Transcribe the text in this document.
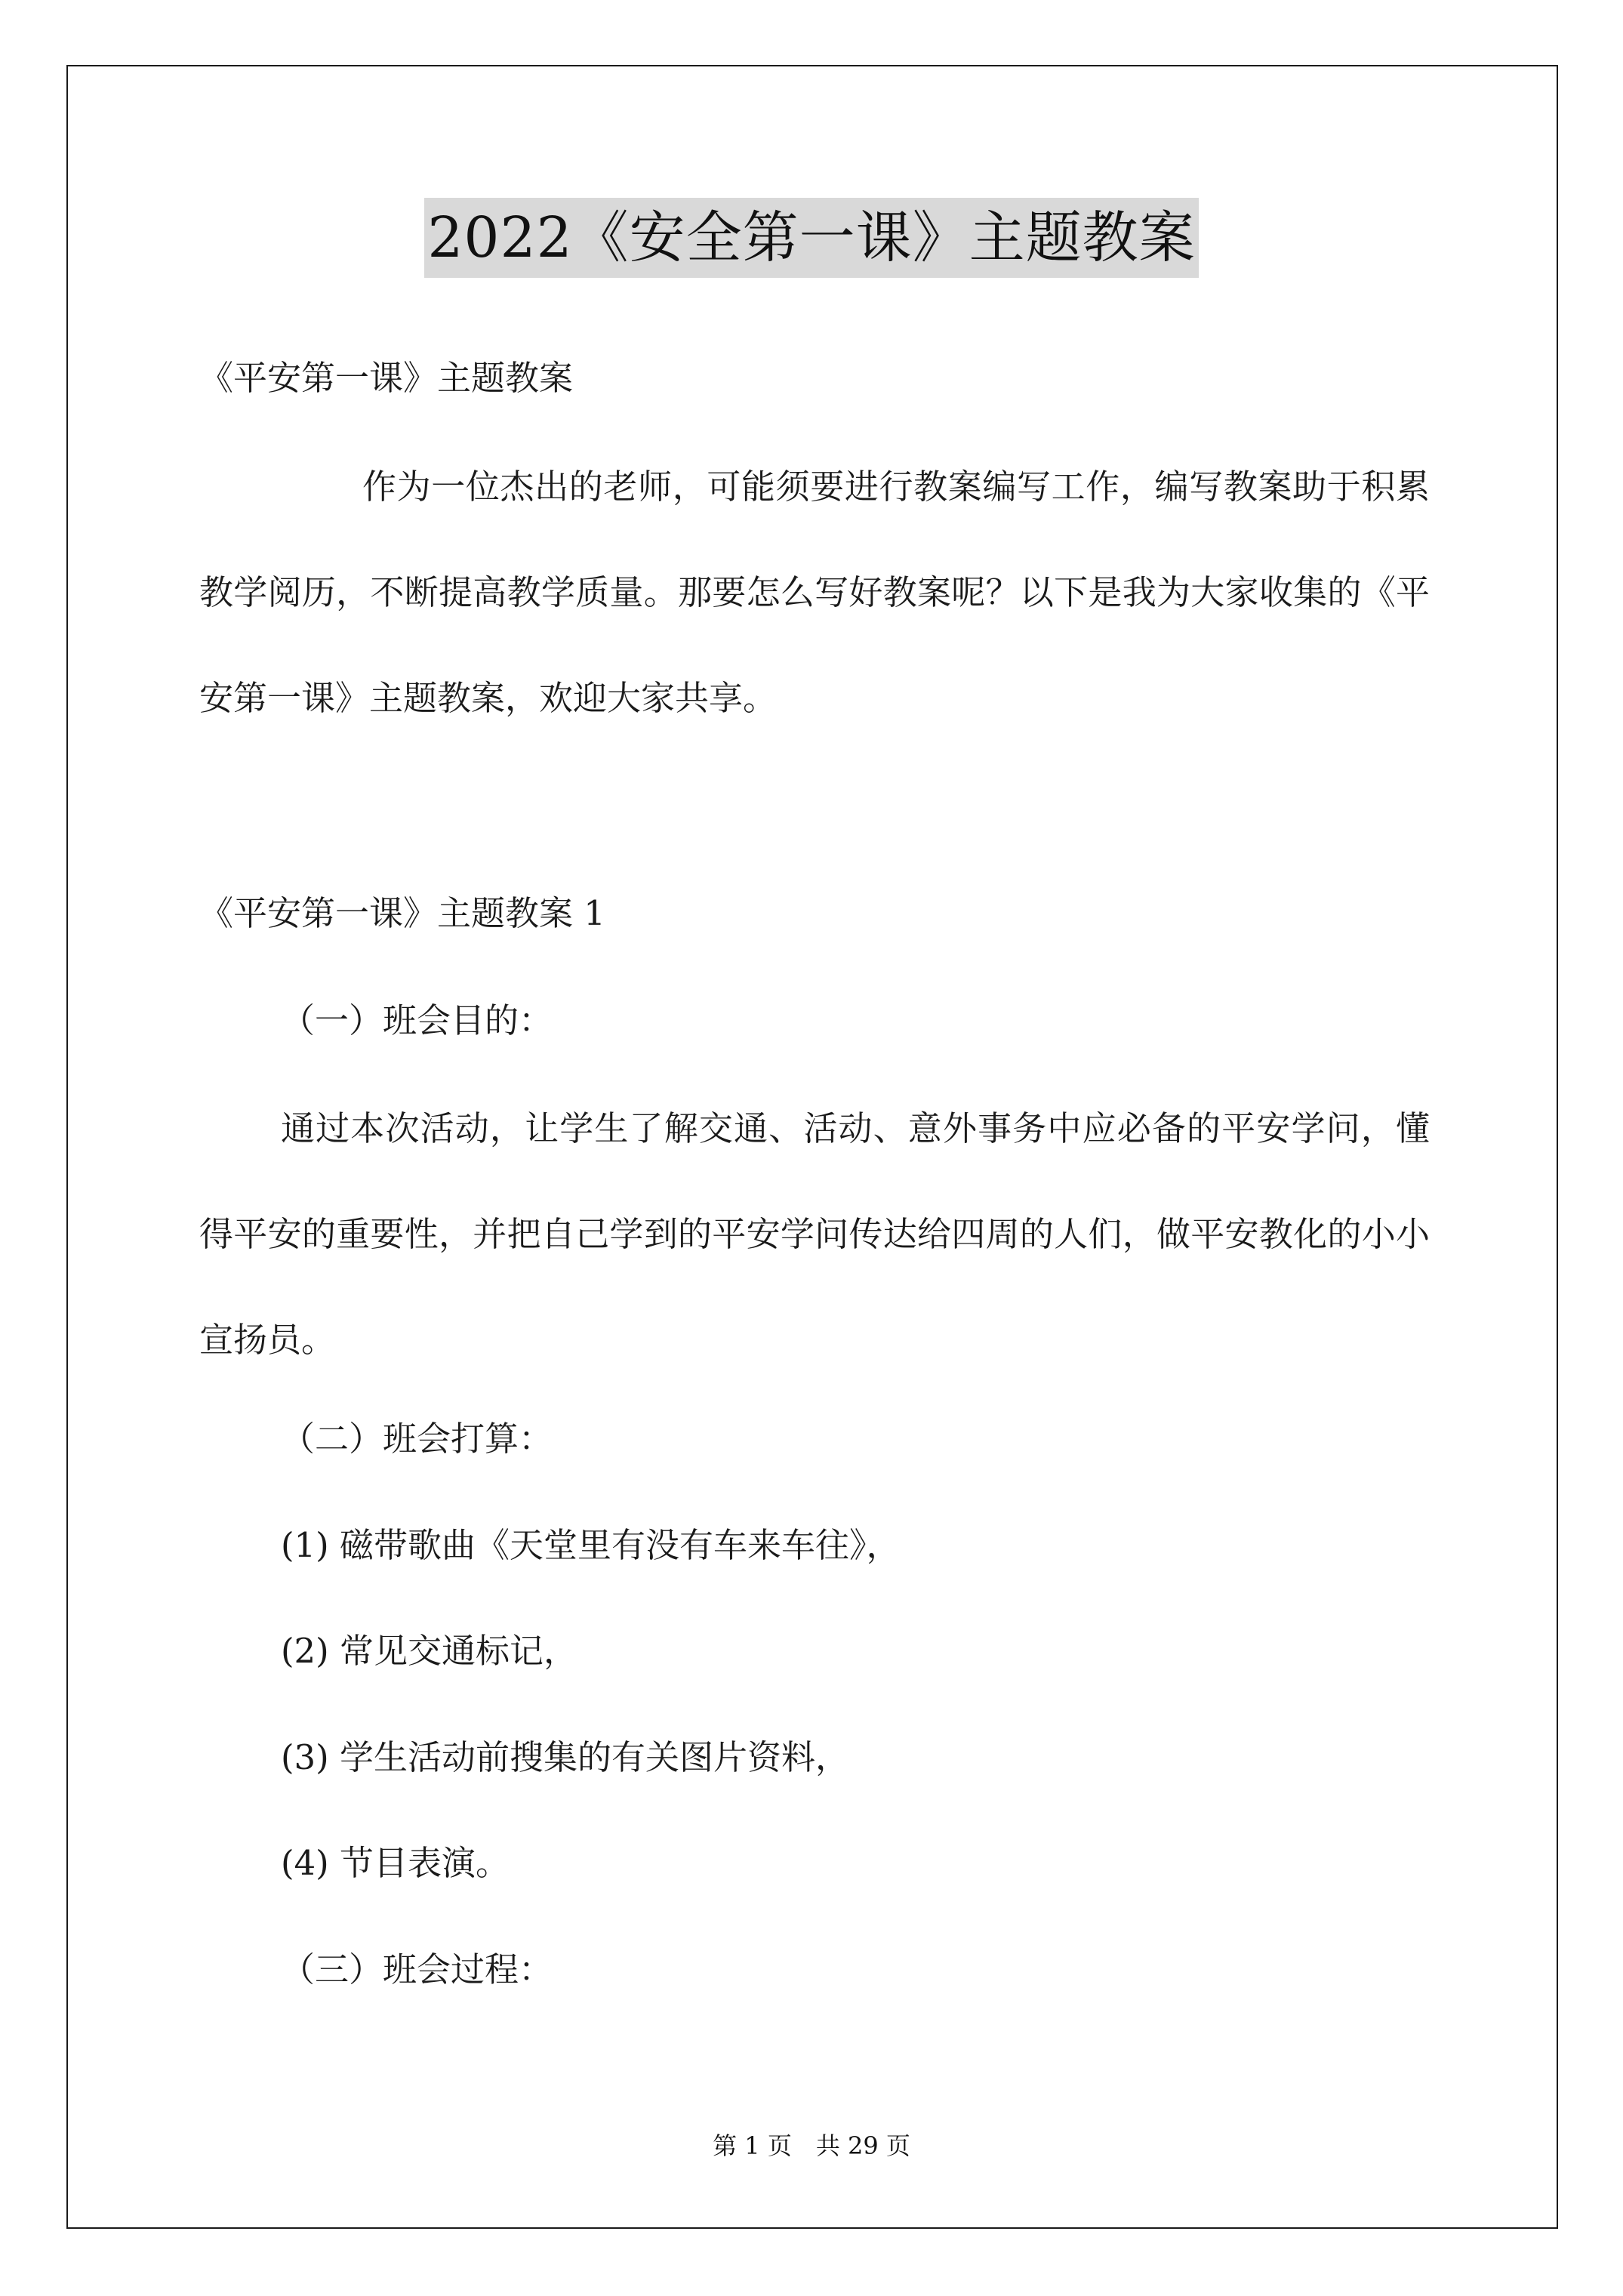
2022《安全第一课》主题教案
《平安第一课》主题教案
作为一位杰出的老师，可能须要进行教案编写工作，编写教案助于积累教学阅历，不断提高教学质量。那要怎么写好教案呢？以下是我为大家收集的《平安第一课》主题教案，欢迎大家共享。
《平安第一课》主题教案 1
（一）班会目的：
通过本次活动，让学生了解交通、活动、意外事务中应必备的平安学问，懂得平安的重要性，并把自己学到的平安学问传达给四周的人们，做平安教化的小小宣扬员。
（二）班会打算：
(1) 磁带歌曲《天堂里有没有车来车往》，
(2) 常见交通标记，
(3) 学生活动前搜集的有关图片资料，
(4) 节目表演。
（三）班会过程：
第 1 页　共 29 页
